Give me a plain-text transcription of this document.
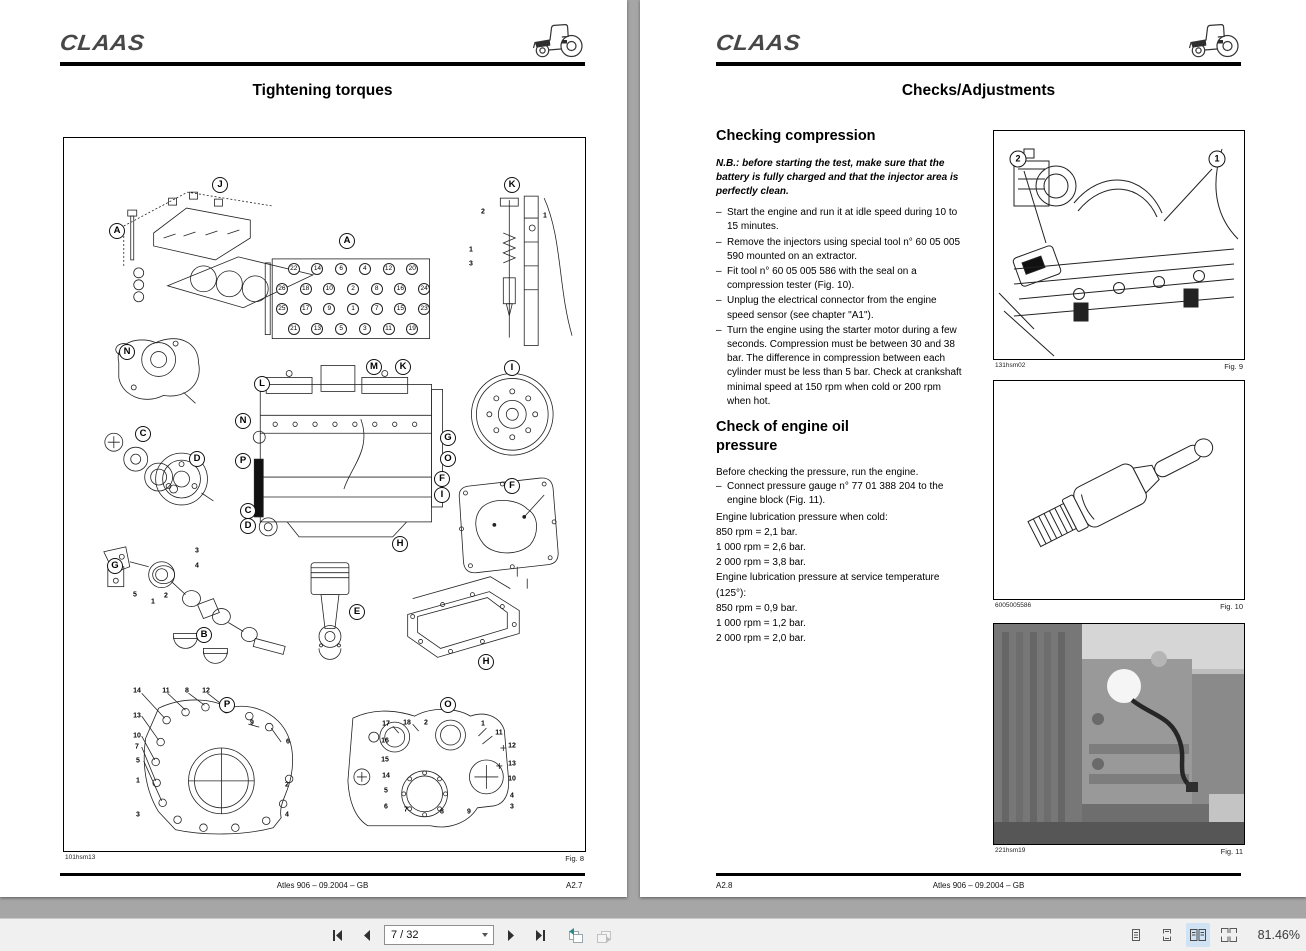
CLAAS
Tightening torques
A
J
A
K
N
L
M	K	I
N
C
D	P
G
O
F
I
F
C
D
H
G
B
E
H
P	O
2
1
1
3
3
4
5
1
2
14	11 8 12
13
10
7
5
9
6
1
2
3	4
17 18 2	1
11
12
13
10
4
3
16
15
14
5
6 7	8	9
22	14	6	4	12	20
26	18	10	2	8	16	24
25	17	9	1	7	15	23
21	13	5	3	11	19
101hsm13	Fig. 8
Atles 906 – 09.2004 – GB	A2.7
CLAAS
Checks/Adjustments
Checking compression
N.B.: before starting the test, make sure that the battery is fully charged and that the injector area is perfectly clean.
– Start the engine and run it at idle speed during 10 to 15 minutes.
– Remove the injectors using special tool n° 60 05 005 590 mounted on an extractor.
– Fit tool n° 60 05 005 586 with the seal on a compression tester (Fig. 10).
– Unplug the electrical connector from the engine speed sensor (see chapter "A1").
– Turn the engine using the starter motor during a few seconds. Compression must be between 30 and 38 bar. The difference in compression between each cylinder must be less than 5 bar. Check at crankshaft minimal speed at 150 rpm when cold or 200 rpm when hot.
Check of engine oil pressure
Before checking the pressure, run the engine.
– Connect pressure gauge n° 77 01 388 204 to the engine block (Fig. 11).
Engine lubrication pressure when cold:
850 rpm = 2,1 bar.
1 000 rpm = 2,6 bar.
2 000 rpm = 3,8 bar.
Engine lubrication pressure at service temperature (125°):
850 rpm = 0,9 bar.
1 000 rpm = 1,2 bar.
2 000 rpm = 2,0 bar.
2	1
131hsm02	Fig. 9
6005005586	Fig. 10
221hsm19	Fig. 11
A2.8	Atles 906 – 09.2004 – GB
7 / 32	81.46%
